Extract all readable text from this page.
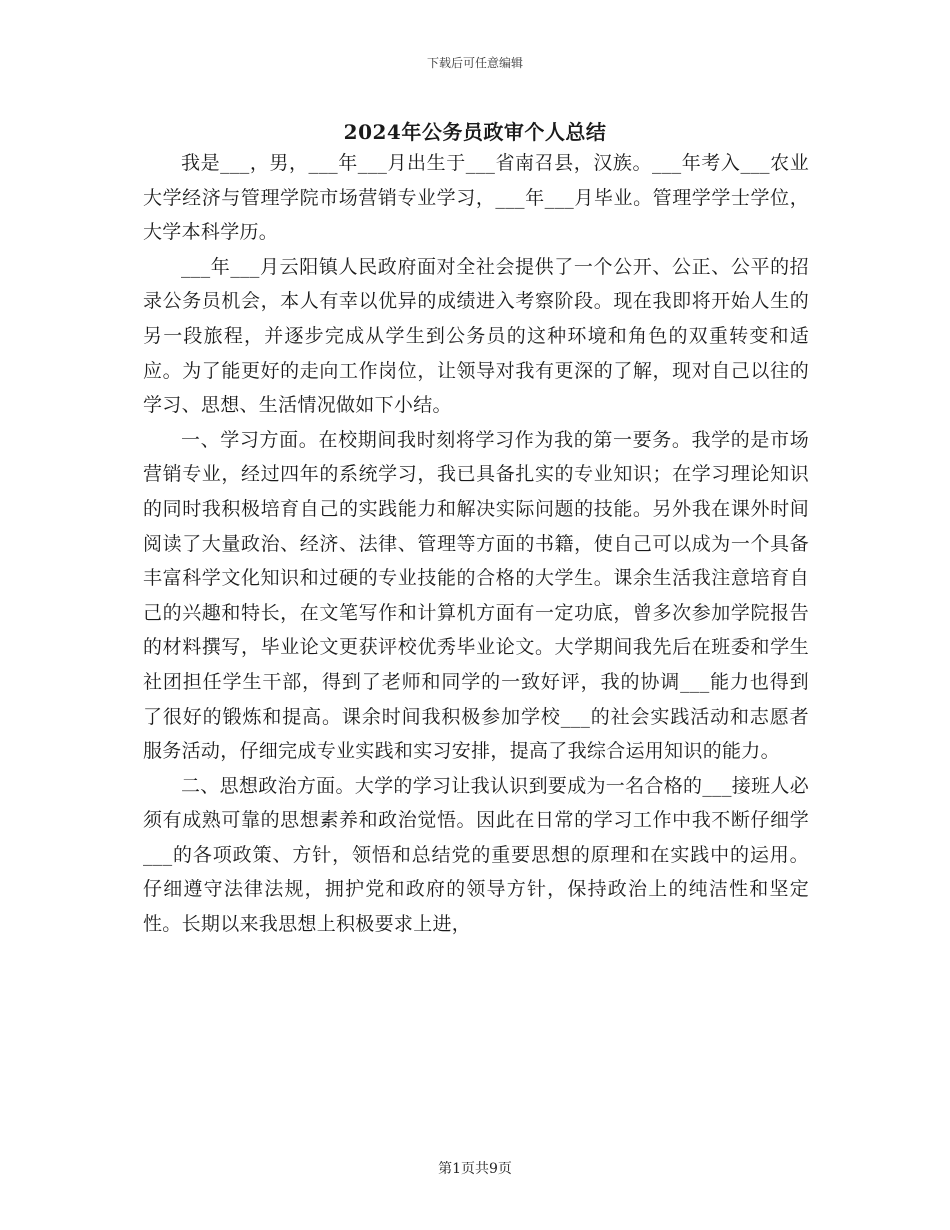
下载后可任意编辑
2024年公务员政审个人总结

我是___，男，___年___月出生于___省南召县，汉族。___年考入___农业大学经济与管理学院市场营销专业学习，___年___月毕业。管理学学士学位，大学本科学历。

___年___月云阳镇人民政府面对全社会提供了一个公开、公正、公平的招录公务员机会，本人有幸以优异的成绩进入考察阶段。现在我即将开始人生的另一段旅程，并逐步完成从学生到公务员的这种环境和角色的双重转变和适应。为了能更好的走向工作岗位，让领导对我有更深的了解，现对自己以往的学习、思想、生活情况做如下小结。

一、学习方面。在校期间我时刻将学习作为我的第一要务。我学的是市场营销专业，经过四年的系统学习，我已具备扎实的专业知识；在学习理论知识的同时我积极培育自己的实践能力和解决实际问题的技能。另外我在课外时间阅读了大量政治、经济、法律、管理等方面的书籍，使自己可以成为一个具备丰富科学文化知识和过硬的专业技能的合格的大学生。课余生活我注意培育自己的兴趣和特长，在文笔写作和计算机方面有一定功底，曾多次参加学院报告的材料撰写，毕业论文更获评校优秀毕业论文。大学期间我先后在班委和学生社团担任学生干部，得到了老师和同学的一致好评，我的协调___能力也得到了很好的锻炼和提高。课余时间我积极参加学校___的社会实践活动和志愿者服务活动，仔细完成专业实践和实习安排，提高了我综合运用知识的能力。

二、思想政治方面。大学的学习让我认识到要成为一名合格的___接班人必须有成熟可靠的思想素养和政治觉悟。因此在日常的学习工作中我不断仔细学___的各项政策、方针，领悟和总结党的重要思想的原理和在实践中的运用。仔细遵守法律法规，拥护党和政府的领导方针，保持政治上的纯洁性和坚定性。长期以来我思想上积极要求上进，

第1页共9页
